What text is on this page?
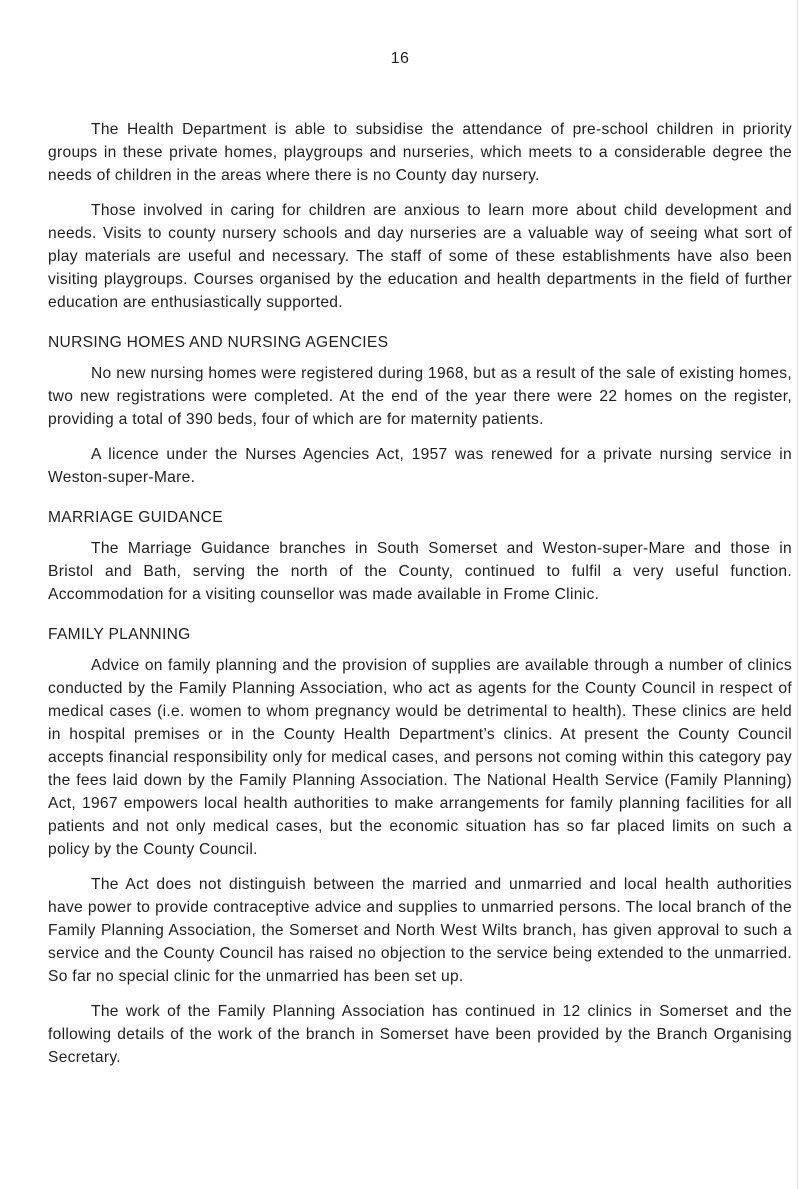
16

The Health Department is able to subsidise the attendance of pre-school children in priority groups in these private homes, playgroups and nurseries, which meets to a considerable degree the needs of children in the areas where there is no County day nursery.

Those involved in caring for children are anxious to learn more about child development and needs. Visits to county nursery schools and day nurseries are a valuable way of seeing what sort of play materials are useful and necessary. The staff of some of these establishments have also been visiting playgroups. Courses organised by the education and health departments in the field of further education are enthusiastically supported.

NURSING HOMES AND NURSING AGENCIES

No new nursing homes were registered during 1968, but as a result of the sale of existing homes, two new registrations were completed. At the end of the year there were 22 homes on the register, providing a total of 390 beds, four of which are for maternity patients.

A licence under the Nurses Agencies Act, 1957 was renewed for a private nursing service in Weston-super-Mare.

MARRIAGE GUIDANCE

The Marriage Guidance branches in South Somerset and Weston-super-Mare and those in Bristol and Bath, serving the north of the County, continued to fulfil a very useful function. Accommodation for a visiting counsellor was made available in Frome Clinic.

FAMILY PLANNING

Advice on family planning and the provision of supplies are available through a number of clinics conducted by the Family Planning Association, who act as agents for the County Council in respect of medical cases (i.e. women to whom pregnancy would be detrimental to health). These clinics are held in hospital premises or in the County Health Department’s clinics. At present the County Council accepts financial responsibility only for medical cases, and persons not coming within this category pay the fees laid down by the Family Planning Association. The National Health Service (Family Planning) Act, 1967 empowers local health authorities to make arrangements for family planning facilities for all patients and not only medical cases, but the economic situation has so far placed limits on such a policy by the County Council.

The Act does not distinguish between the married and unmarried and local health authorities have power to provide contraceptive advice and supplies to unmarried persons. The local branch of the Family Planning Association, the Somerset and North West Wilts branch, has given approval to such a service and the County Council has raised no objection to the service being extended to the unmarried. So far no special clinic for the unmarried has been set up.

The work of the Family Planning Association has continued in 12 clinics in Somerset and the following details of the work of the branch in Somerset have been provided by the Branch Organising Secretary.
